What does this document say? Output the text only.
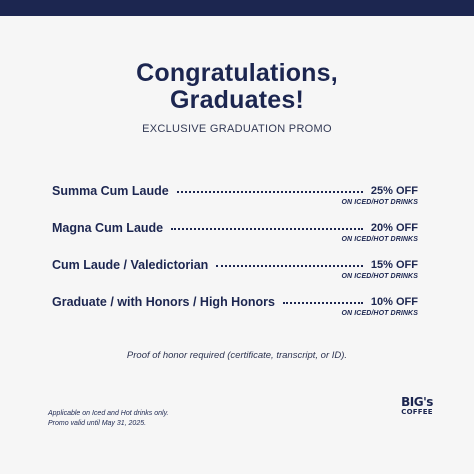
Congratulations,
Graduates!
EXCLUSIVE GRADUATION PROMO
Summa Cum Laude	25% OFF
ON ICED/HOT DRINKS
Magna Cum Laude	20% OFF
ON ICED/HOT DRINKS
Cum Laude / Valedictorian	15% OFF
ON ICED/HOT DRINKS
Graduate / with Honors / High Honors	10% OFF
ON ICED/HOT DRINKS
Proof of honor required (certificate, transcript, or ID).
Applicable on Iced and Hot drinks only.
Promo valid until May 31, 2025.
BIG's
COFFEE
